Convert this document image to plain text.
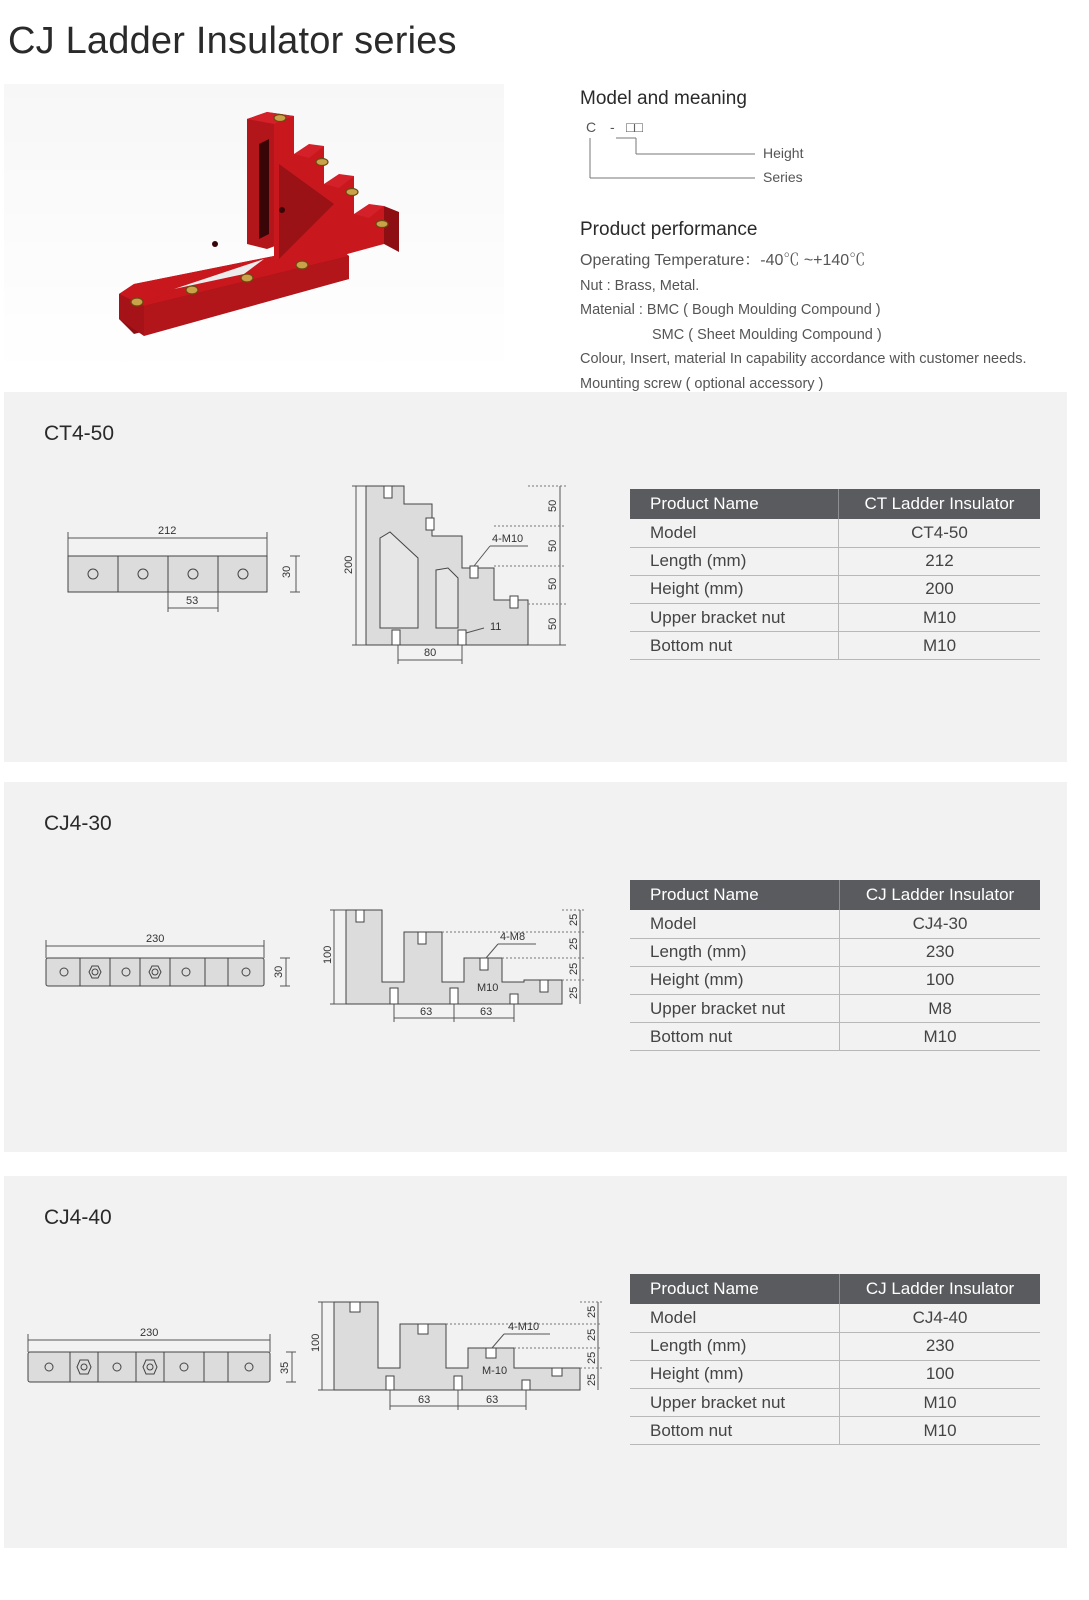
CJ Ladder Insulator series
Model and meaning
C - □□
Height
Series
Product performance
Operating Temperature：-40℃ ~+140℃
Nut : Brass, Metal.
Matenial : BMC ( Bough Moulding Compound )
SMC ( Sheet Moulding Compound )
Colour, Insert, material In capability accordance with customer needs.
Mounting screw ( optional accessory )
CT4-50
212
30
53
200
50
50
50
50
4-M10
11
80
Product Name	CT Ladder Insulator
Model	CT4-50
Length (mm)	212
Height (mm)	200
Upper bracket nut	M10
Bottom nut	M10
CJ4-30
230
30
100
25
25
25
25
4-M8
M10
63	63
Product Name	CJ Ladder Insulator
Model	CJ4-30
Length (mm)	230
Height (mm)	100
Upper bracket nut	M8
Bottom nut	M10
CJ4-40
230
35
100
25
25
25
25
4-M10
M-10
63	63
Product Name	CJ Ladder Insulator
Model	CJ4-40
Length (mm)	230
Height (mm)	100
Upper bracket nut	M10
Bottom nut	M10
